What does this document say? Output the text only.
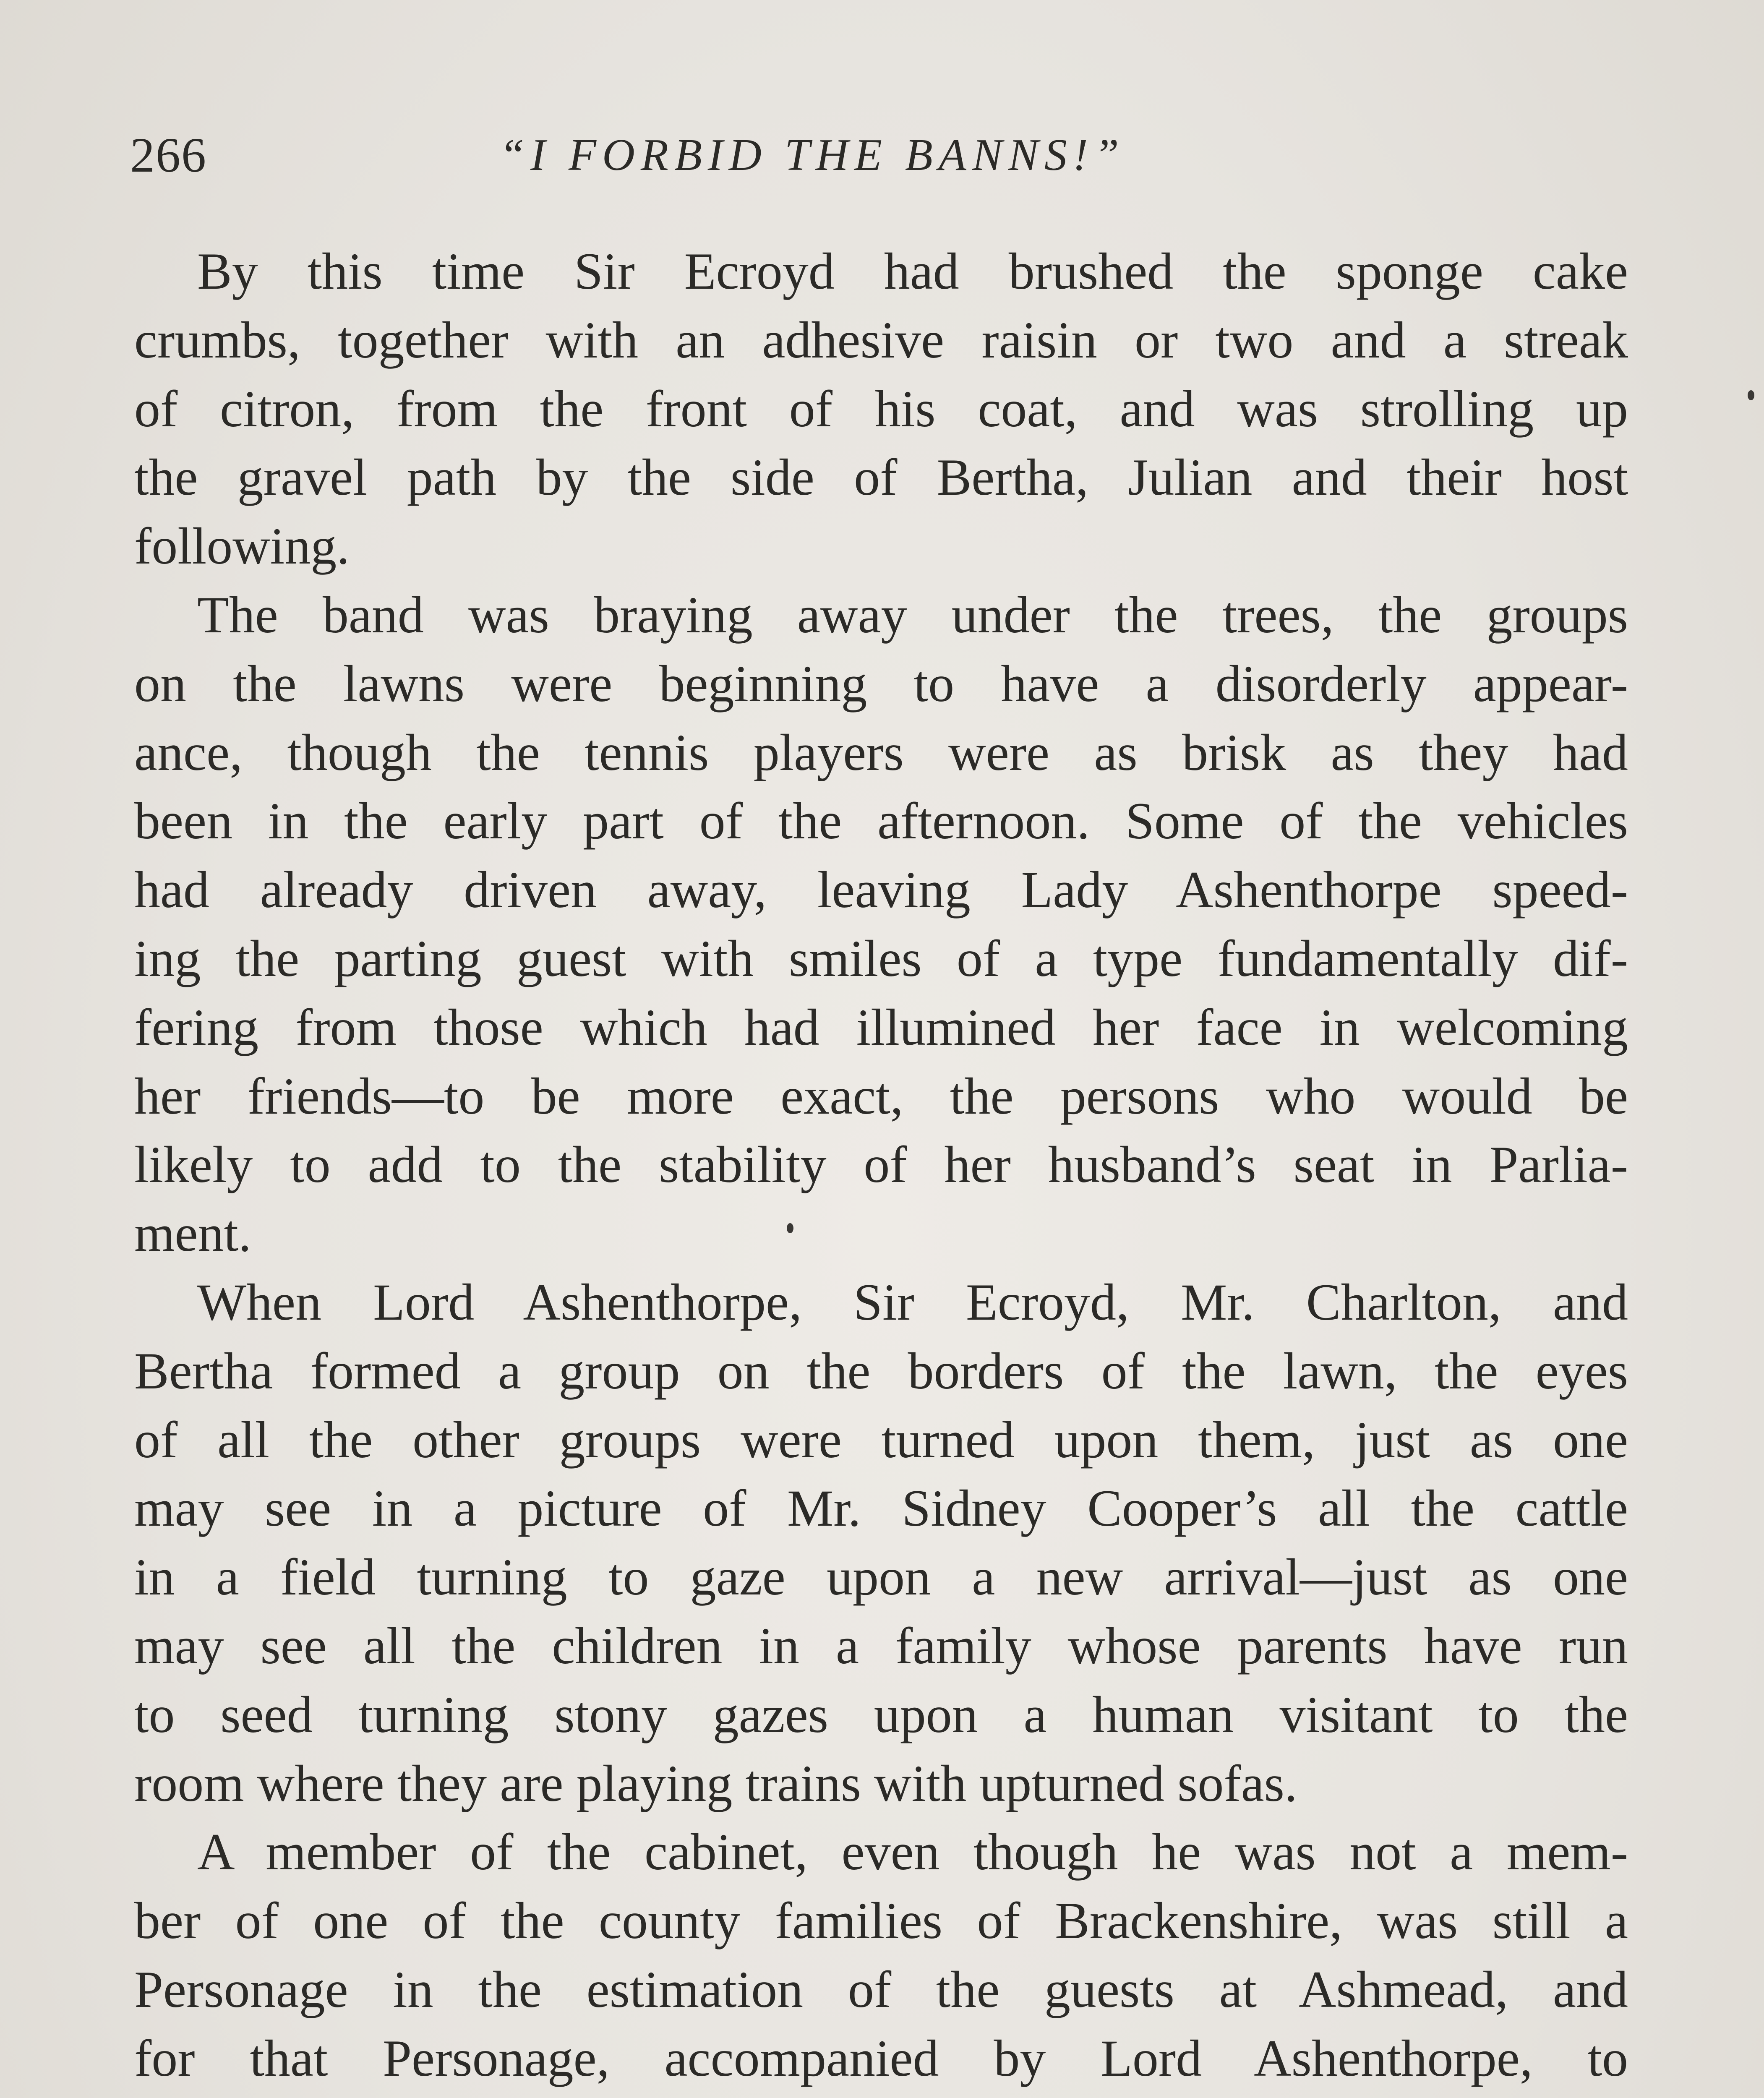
266	“I FORBID THE BANNS!”
By this time Sir Ecroyd had brushed the sponge cake
crumbs, together with an adhesive raisin or two and a streak
of citron, from the front of his coat, and was strolling up
the gravel path by the side of Bertha, Julian and their host
following.
The band was braying away under the trees, the groups
on the lawns were beginning to have a disorderly appear-
ance, though the tennis players were as brisk as they had
been in the early part of the afternoon. Some of the vehicles
had already driven away, leaving Lady Ashenthorpe speed-
ing the parting guest with smiles of a type fundamentally dif-
fering from those which had illumined her face in welcoming
her friends—to be more exact, the persons who would be
likely to add to the stability of her husband’s seat in Parlia-
ment.
When Lord Ashenthorpe, Sir Ecroyd, Mr. Charlton, and
Bertha formed a group on the borders of the lawn, the eyes
of all the other groups were turned upon them, just as one
may see in a picture of Mr. Sidney Cooper’s all the cattle
in a field turning to gaze upon a new arrival—just as one
may see all the children in a family whose parents have run
to seed turning stony gazes upon a human visitant to the
room where they are playing trains with upturned sofas.
A member of the cabinet, even though he was not a mem-
ber of one of the county families of Brackenshire, was still a
Personage in the estimation of the guests at Ashmead, and
for that Personage, accompanied by Lord Ashenthorpe, to
